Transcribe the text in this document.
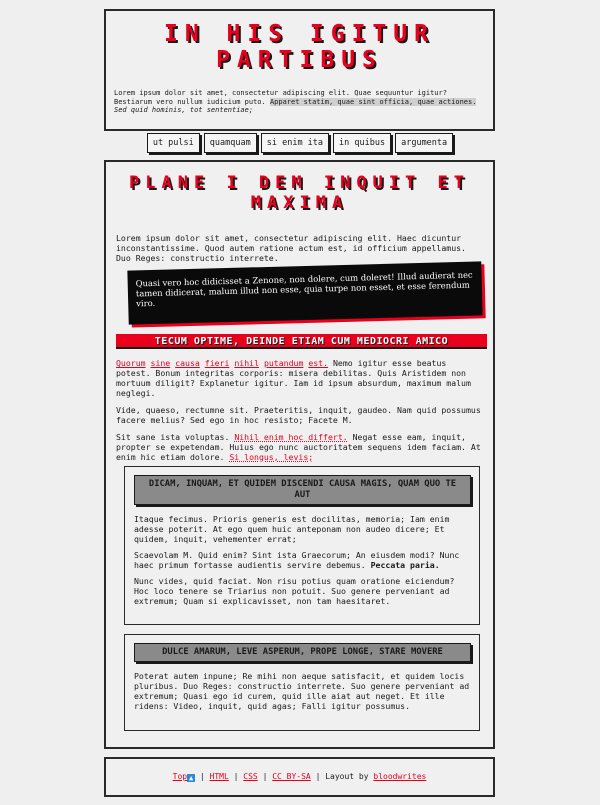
IN HIS IGITUR PARTIBUS
Lorem ipsum dolor sit amet, consectetur adipiscing elit. Quae sequuntur igitur? Bestiarum vero nullum iudicium puto. Apparet statim, quae sint officia, quae actiones. Sed quid hominis, tot sententiae;
ut pulsi quamquam si enim ita in quibus argumenta
PLANE I DEM INQUIT ET MAXIMA

Lorem ipsum dolor sit amet, consectetur adipiscing elit. Haec dicuntur inconstantissime. Quod autem ratione actum est, id officium appellamus. Duo Reges: constructio interrete.

Quasi vero hoc didicisset a Zenone, non dolere, cum doleret! Illud audierat nec tamen didicerat, malum illud non esse, quia turpe non esset, et esse ferendum viro.
TECUM OPTIME, DEINDE ETIAM CUM MEDIOCRI AMICO

Quorum sine causa fieri nihil putandum est. Nemo igitur esse beatus potest. Bonum integritas corporis: misera debilitas. Quis Aristidem non mortuum diligit? Explanetur igitur. Iam id ipsum absurdum, maximum malum neglegi.

Vide, quaeso, rectumne sit. Praeteritis, inquit, gaudeo. Nam quid possumus facere melius? Sed ego in hoc resisto; Facete M.

Sit sane ista voluptas. Nihil enim hoc differt. Negat esse eam, inquit, propter se expetendam. Huius ego nunc auctoritatem sequens idem faciam. At enim hic etiam dolore. Si longus, levis;

DICAM, INQUAM, ET QUIDEM DISCENDI CAUSA MAGIS, QUAM QUO TE AUT

Itaque fecimus. Prioris generis est docilitas, memoria; Iam enim adesse poterit. At ego quem huic anteponam non audeo dicere; Et quidem, inquit, vehementer errat;

Scaevolam M. Quid enim? Sint ista Graecorum; An eiusdem modi? Nunc haec primum fortasse audientis servire debemus. Peccata paria.

Nunc vides, quid faciat. Non risu potius quam oratione eiciendum? Hoc loco tenere se Triarius non potuit. Suo genere perveniant ad extremum; Quam si explicavisset, non tam haesitaret.

DULCE AMARUM, LEVE ASPERUM, PROPE LONGE, STARE MOVERE

Poterat autem inpune; Re mihi non aeque satisfacit, et quidem locis pluribus. Duo Reges: constructio interrete. Suo genere perveniant ad extremum; Quasi ego id curem, quid ille aiat aut neget. Et ille ridens: Video, inquit, quid agas; Falli igitur possumus.

Top ▲ | HTML | CSS | CC BY-SA | Layout by bloodwrites
